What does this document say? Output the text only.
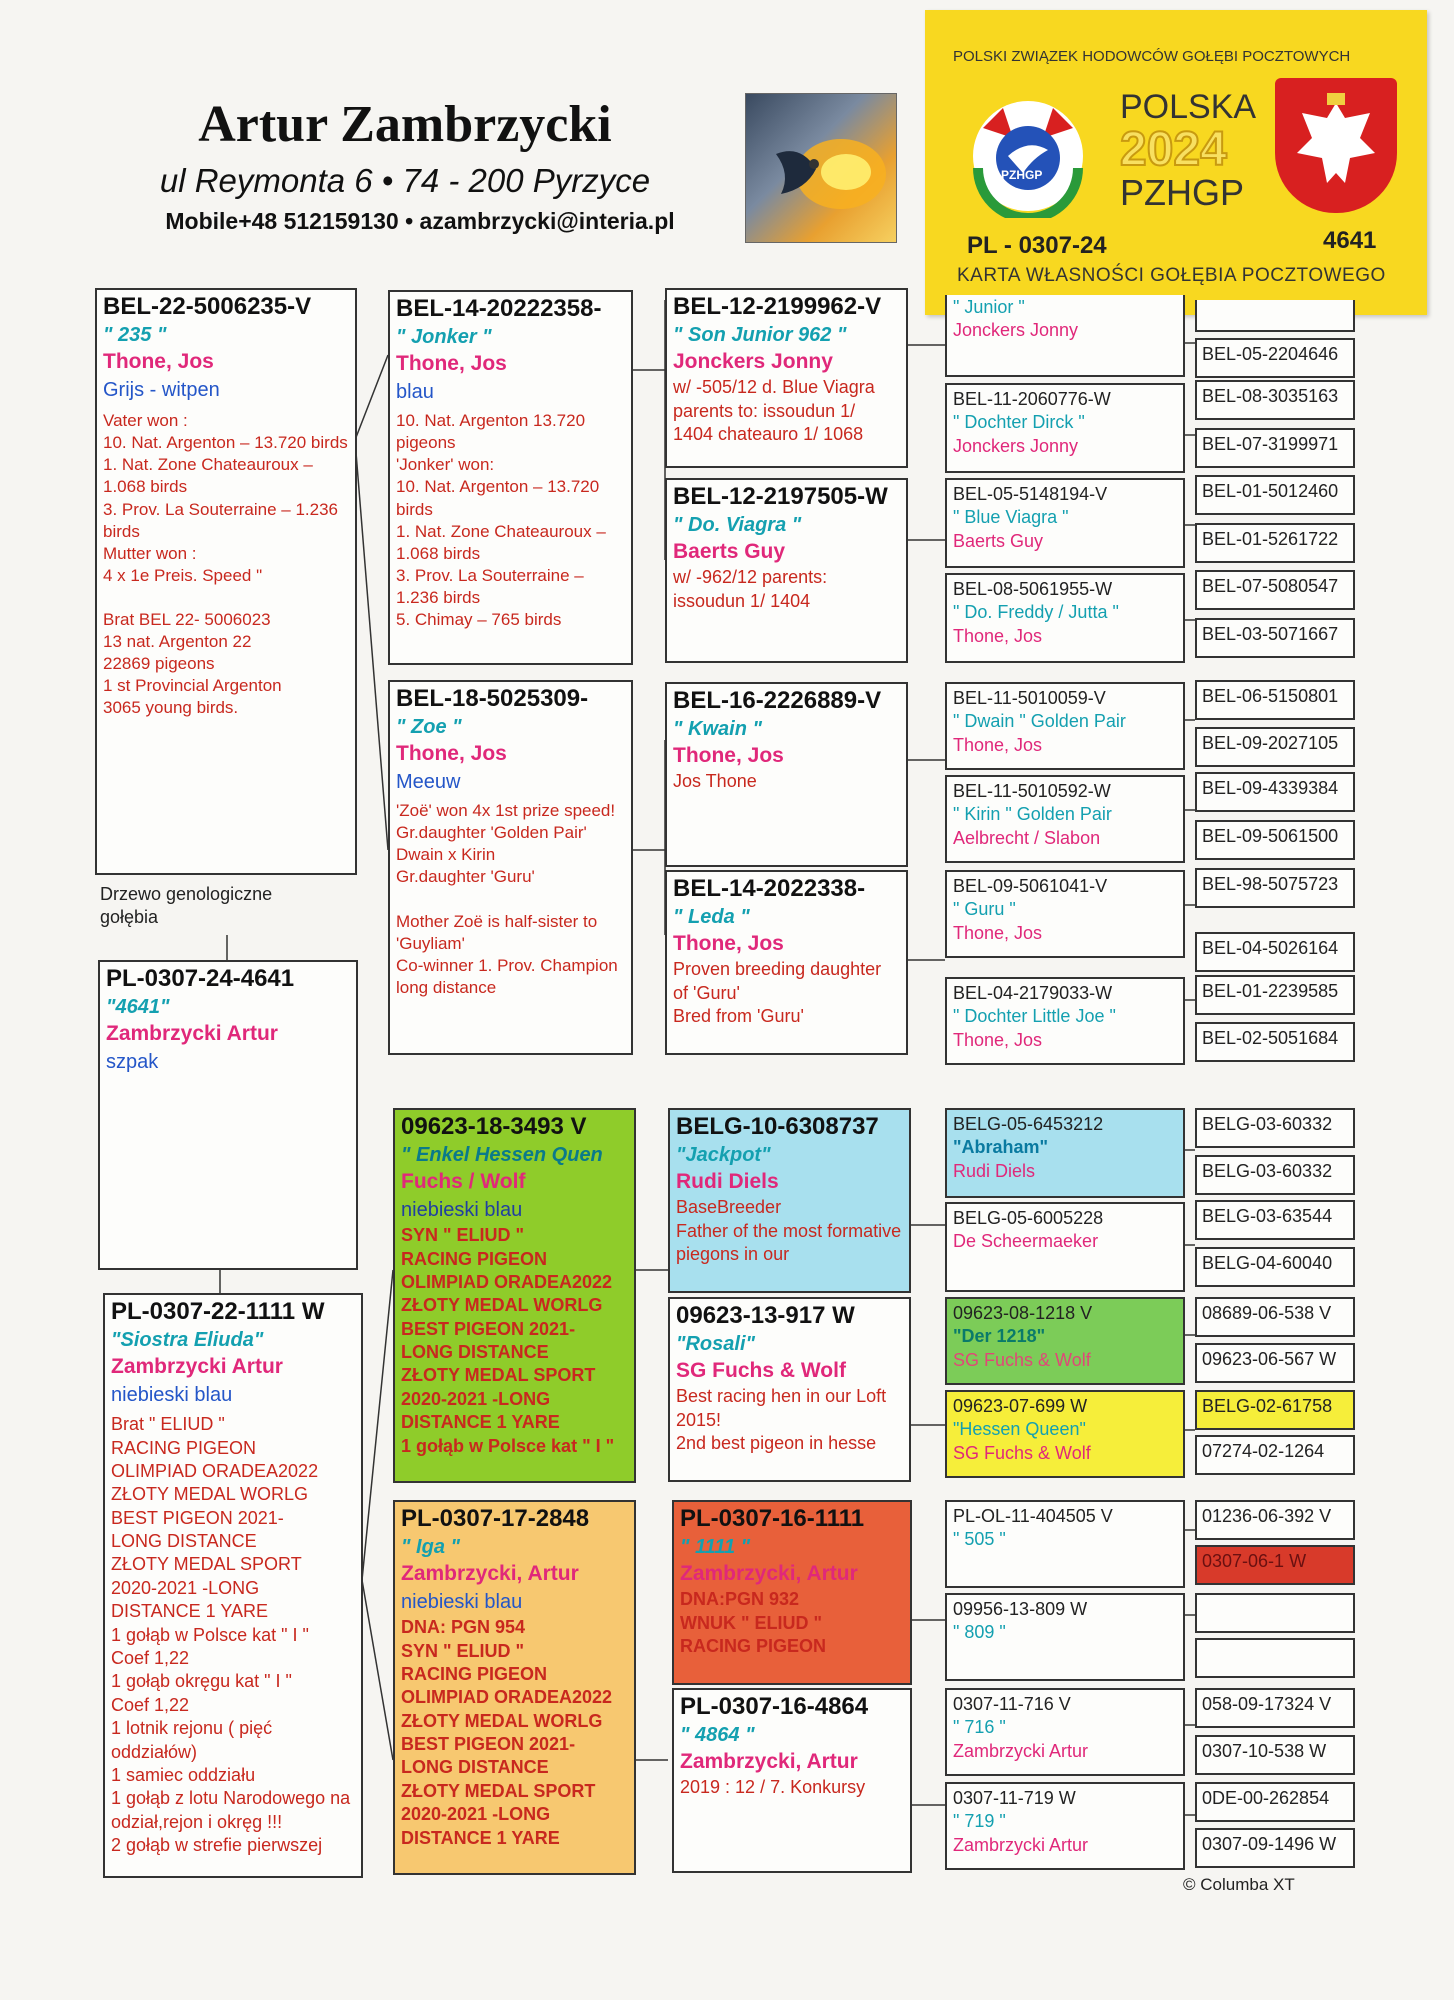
Artur Zambrzycki
ul Reymonta 6 • 74 - 200 Pyrzyce
Mobile+48 512159130 • azambrzycki@interia.pl
POLSKI ZWIĄZEK HODOWCÓW GOŁĘBI POCZTOWYCH
PZHGP
POLSKA
2024
PZHGP
PL - 0307-24	4641
KARTA WŁASNOŚCI GOŁĘBIA POCZTOWEGO
BEL-22-5006235-V
" 235 "
Thone, Jos
Grijs - witpen
Vater won :
10. Nat. Argenton – 13.720 birds
1. Nat. Zone Chateauroux – 1.068 birds
3. Prov. La Souterraine – 1.236 birds
Mutter won :
4 x 1e Preis. Speed "

Brat BEL 22- 5006023
13 nat. Argenton 22
22869 pigeons
1 st Provincial Argenton
3065 young birds.
Drzewo genologiczne
gołębia
PL-0307-24-4641
"4641"
Zambrzycki Artur
szpak
PL-0307-22-1111 W
"Siostra Eliuda"
Zambrzycki Artur
niebieski blau
Brat " ELIUD "
RACING PIGEON
OLIMPIAD ORADEA2022
ZŁOTY MEDAL WORLG
BEST PIGEON 2021-
LONG DISTANCE
ZŁOTY MEDAL SPORT
2020-2021 -LONG
DISTANCE 1 YARE
1 gołąb w Polsce kat " I "
Coef 1,22
1 gołąb okręgu kat " I "
Coef 1,22
1 lotnik rejonu ( pięć oddziałów)
1 samiec oddziału
1 gołąb z lotu Narodowego na odział,rejon i okręg !!!
2 gołąb w strefie pierwszej
BEL-14-20222358-
" Jonker "
Thone, Jos
blau
10. Nat. Argenton 13.720 pigeons
'Jonker' won:
10. Nat. Argenton – 13.720 birds
1. Nat. Zone Chateauroux – 1.068 birds
3. Prov. La Souterraine – 1.236 birds
5. Chimay – 765 birds
BEL-18-5025309-
" Zoe "
Thone, Jos
Meeuw
'Zoë' won 4x 1st prize speed!
Gr.daughter 'Golden Pair'
Dwain x Kirin
Gr.daughter 'Guru'

Mother Zoë is half-sister to 'Guyliam'
Co-winner 1. Prov. Champion long distance
09623-18-3493 V
" Enkel Hessen Quen
Fuchs / Wolf
niebieski blau
SYN " ELIUD "
RACING PIGEON
OLIMPIAD ORADEA2022
ZŁOTY MEDAL WORLG
BEST PIGEON 2021-
LONG DISTANCE
ZŁOTY MEDAL SPORT
2020-2021 -LONG
DISTANCE 1 YARE
1 gołąb w Polsce kat " I "
PL-0307-17-2848
" Iga "
Zambrzycki, Artur
niebieski blau
DNA: PGN 954
SYN " ELIUD "
RACING PIGEON
OLIMPIAD ORADEA2022
ZŁOTY MEDAL WORLG
BEST PIGEON 2021-
LONG DISTANCE
ZŁOTY MEDAL SPORT
2020-2021 -LONG
DISTANCE 1 YARE
BEL-12-2199962-V
" Son Junior 962 "
Jonckers Jonny
w/ -505/12 d. Blue Viagra parents to: issoudun 1/ 1404 chateauro 1/ 1068
BEL-12-2197505-W
" Do. Viagra "
Baerts Guy
w/ -962/12 parents:
issoudun 1/ 1404
BEL-16-2226889-V
" Kwain "
Thone, Jos
Jos Thone
BEL-14-2022338-
" Leda "
Thone, Jos
Proven breeding daughter of 'Guru'
Bred from 'Guru'
BELG-10-6308737
"Jackpot"
Rudi Diels
BaseBreeder
Father of the most formative piegons in our
09623-13-917 W
"Rosali"
SG Fuchs & Wolf
Best racing hen in our Loft 2015!
2nd best pigeon in hesse
PL-0307-16-1111
" 1111 "
Zambrzycki, Artur
DNA:PGN 932
WNUK " ELIUD "
RACING PIGEON
PL-0307-16-4864
" 4864 "
Zambrzycki, Artur
2019 : 12 / 7. Konkursy
" Junior "
Jonckers Jonny
BEL-11-2060776-W
" Dochter Dirck "
Jonckers Jonny
BEL-05-5148194-V
" Blue Viagra "
Baerts Guy
BEL-08-5061955-W
" Do. Freddy / Jutta "
Thone, Jos
BEL-11-5010059-V
" Dwain " Golden Pair
Thone, Jos
BEL-11-5010592-W
" Kirin " Golden Pair
Aelbrecht / Slabon
BEL-09-5061041-V
" Guru "
Thone, Jos
BEL-04-2179033-W
" Dochter Little Joe "
Thone, Jos
BELG-05-6453212
"Abraham"
Rudi Diels
BELG-05-6005228
De Scheermaeker
09623-08-1218 V
"Der 1218"
SG Fuchs & Wolf
09623-07-699 W
"Hessen Queen"
SG Fuchs & Wolf
PL-OL-11-404505 V
" 505 "
09956-13-809 W
" 809 "
0307-11-716 V
" 716 "
Zambrzycki Artur
0307-11-719 W
" 719 "
Zambrzycki Artur
BEL-05-2204646
BEL-08-3035163
BEL-07-3199971
BEL-01-5012460
BEL-01-5261722
BEL-07-5080547
BEL-03-5071667
BEL-06-5150801
BEL-09-2027105
BEL-09-4339384
BEL-09-5061500
BEL-98-5075723
BEL-04-5026164
BEL-01-2239585
BEL-02-5051684
BELG-03-60332
BELG-03-60332
BELG-03-63544
BELG-04-60040
08689-06-538 V
09623-06-567 W
BELG-02-61758
07274-02-1264
01236-06-392 V
0307-06-1 W
058-09-17324 V
0307-10-538 W
0DE-00-262854
0307-09-1496 W
© Columba XT
